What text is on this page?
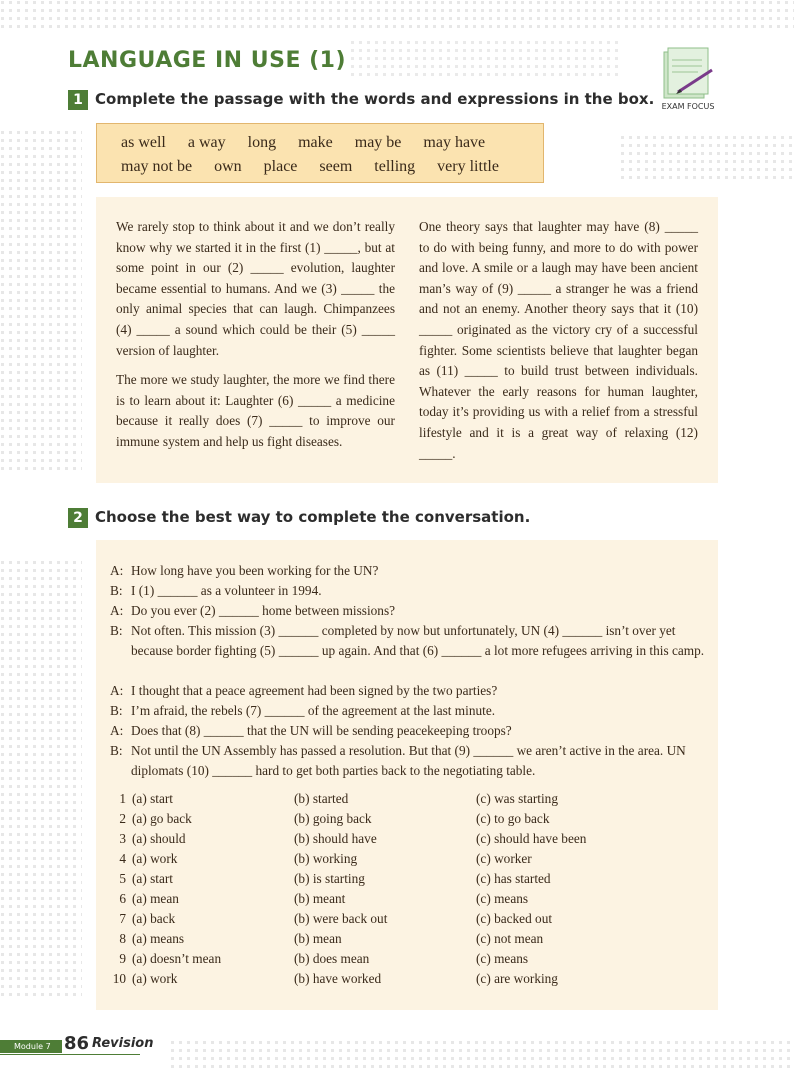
LANGUAGE IN USE (1)
EXAM FOCUS
1 Complete the passage with the words and expressions in the box.
as well a way long make may be may have
may not be own place seem telling very little

We rarely stop to think about it and we don’t really know why we started it in the first (1) _____, but at some point in our (2) _____ evolution, laughter became essential to humans. And we (3) _____ the only animal species that can laugh. Chimpanzees (4) _____ a sound which could be their (5) _____ version of laughter.

The more we study laughter, the more we find there is to learn about it: Laughter (6) _____ a medicine because it really does (7) _____ to improve our immune system and help us fight diseases.

One theory says that laughter may have (8) _____ to do with being funny, and more to do with power and love. A smile or a laugh may have been ancient man’s way of (9) _____ a stranger he was a friend and not an enemy. Another theory says that it (10) _____ originated as the victory cry of a successful fighter. Some scientists believe that laughter began as (11) _____ to build trust between individuals. Whatever the early reasons for human laughter, today it’s providing us with a relief from a stressful lifestyle and it is a great way of relaxing (12) _____.

2 Choose the best way to complete the conversation.
A: How long have you been working for the UN?
B: I (1) ______ as a volunteer in 1994.
A: Do you ever (2) ______ home between missions?
B: Not often. This mission (3) ______ completed by now but unfortunately, UN (4) ______ isn’t over yet because border fighting (5) ______ up again. And that (6) ______ a lot more refugees arriving in this camp.
A: I thought that a peace agreement had been signed by the two parties?
B: I’m afraid, the rebels (7) ______ of the agreement at the last minute.
A: Does that (8) ______ that the UN will be sending peacekeeping troops?
B: Not until the UN Assembly has passed a resolution. But that (9) ______ we aren’t active in the area. UN diplomats (10) ______ hard to get both parties back to the negotiating table.
1 (a) start	(b) started	(c) was starting
2 (a) go back	(b) going back	(c) to go back
3 (a) should	(b) should have	(c) should have been
4 (a) work	(b) working	(c) worker
5 (a) start	(b) is starting	(c) has started
6 (a) mean	(b) meant	(c) means
7 (a) back	(b) were back out	(c) backed out
8 (a) means	(b) mean	(c) not mean
9 (a) doesn’t mean	(b) does mean	(c) means
10 (a) work	(b) have worked	(c) are working
Module 7 86 Revision
